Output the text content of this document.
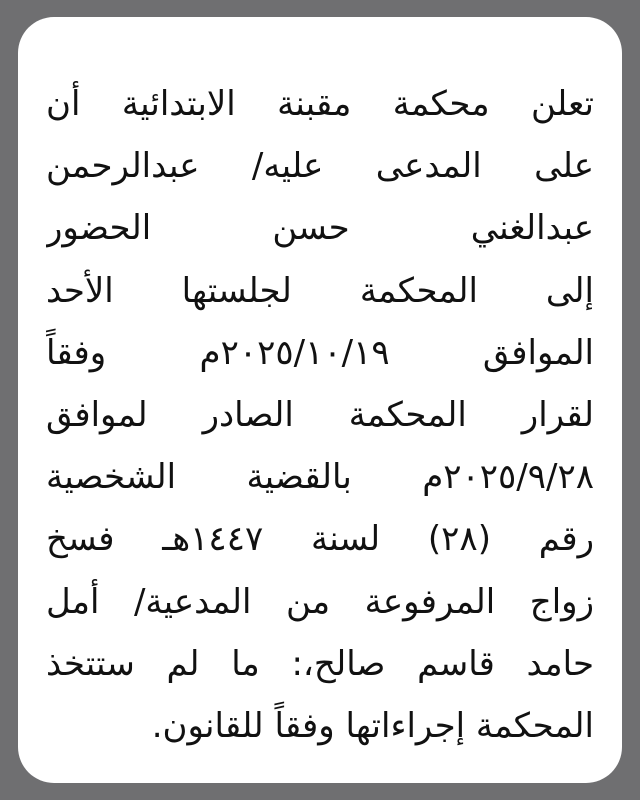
تعلن محكمة مقبنة الابتدائية أن
على المدعى عليه/ عبدالرحمن
عبدالغني حسن الحضور
إلى المحكمة لجلستها الأحد
الموافق ٢٠٢٥/١٠/١٩م وفقاً
لقرار المحكمة الصادر لموافق
٢٠٢٥/٩/٢٨م بالقضية الشخصية
رقم (٢٨) لسنة ١٤٤٧هـ فسخ
زواج المرفوعة من المدعية/ أمل
حامد قاسم صالح،: ما لم ستتخذ
المحكمة إجراءاتها وفقاً للقانون.
